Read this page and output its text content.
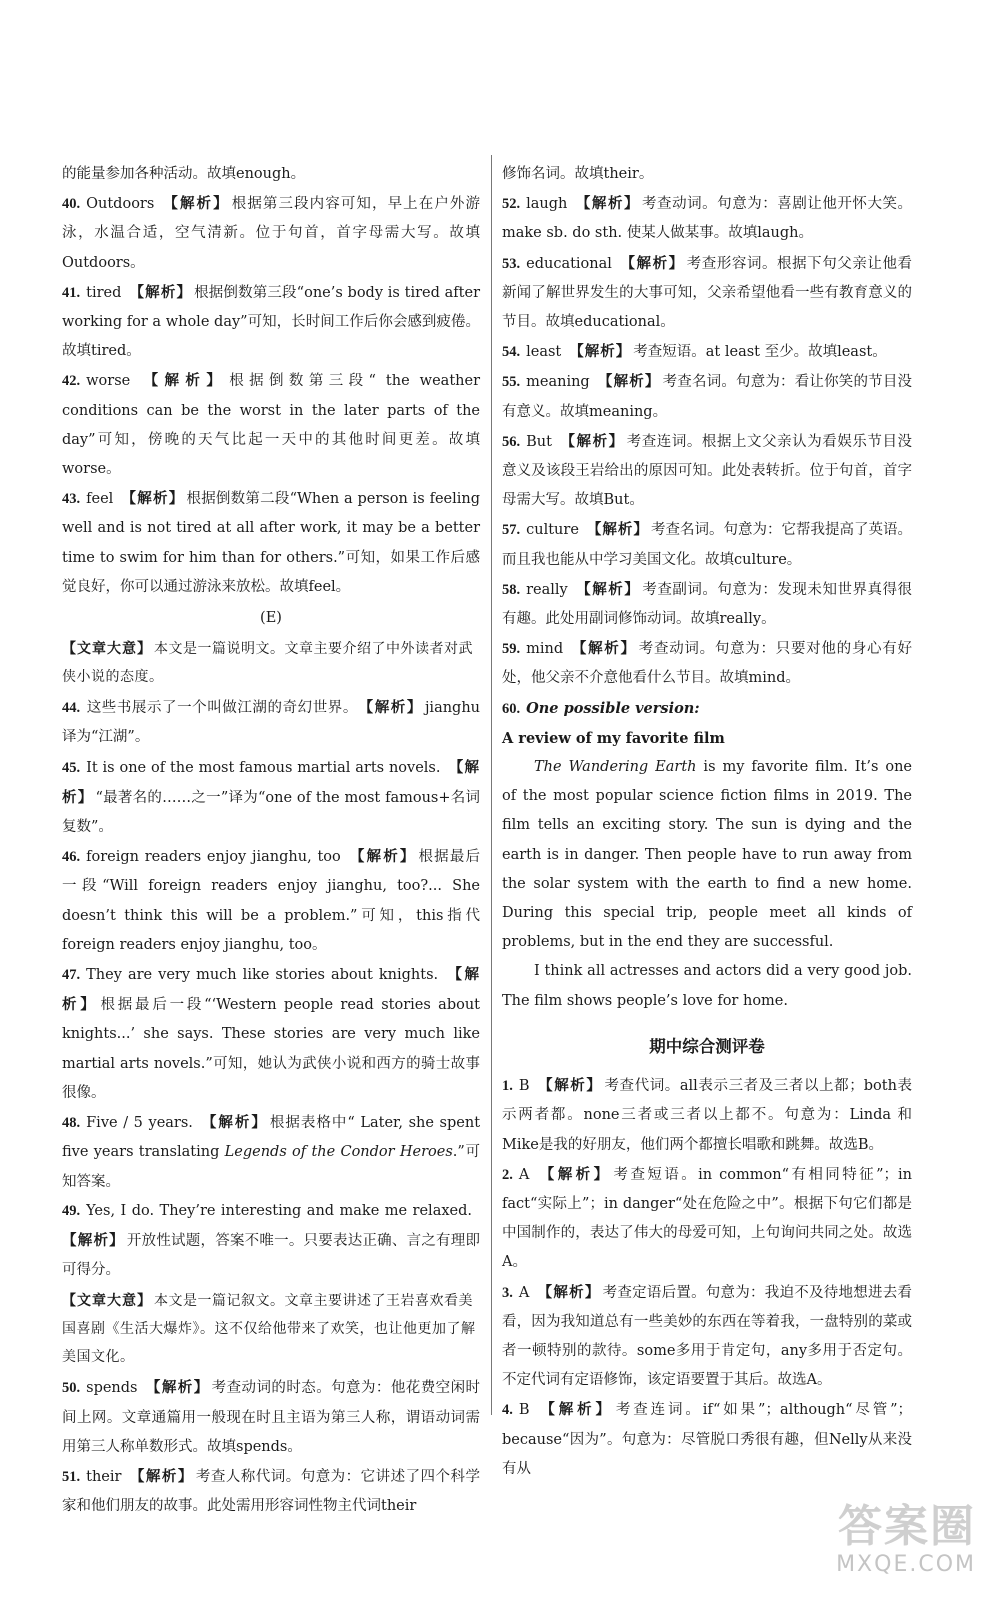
的能量参加各种活动。故填enough。

40. Outdoors 【解析】 根据第三段内容可知，早上在户外游泳，水温合适，空气清新。位于句首，首字母需大写。故填Outdoors。

41. tired 【解析】 根据倒数第三段“one’s body is tired after working for a whole day”可知，长时间工作后你会感到疲倦。故填tired。

42. worse 【解析】 根据倒数第三段“ the weather conditions can be the worst in the later parts of the day”可知，傍晚的天气比起一天中的其他时间更差。故填worse。

43. feel 【解析】 根据倒数第二段“When a person is feeling well and is not tired at all after work, it may be a better time to swim for him than for others.”可知，如果工作后感觉良好，你可以通过游泳来放松。故填feel。

(E)

【文章大意】 本文是一篇说明文。文章主要介绍了中外读者对武侠小说的态度。

44. 这些书展示了一个叫做江湖的奇幻世界。 【解析】 jianghu译为“江湖”。

45. It is one of the most famous martial arts novels. 【解析】 “最著名的……之一”译为“one of the most famous+名词复数”。

46. foreign readers enjoy jianghu, too 【解析】 根据最后一段“Will foreign readers enjoy jianghu, too?... She doesn’t think this will be a problem.”可知，this指代foreign readers enjoy jianghu, too。

47. They are very much like stories about knights. 【解析】 根据最后一段“‘Western people read stories about knights...’ she says. These stories are very much like martial arts novels.”可知，她认为武侠小说和西方的骑士故事很像。

48. Five / 5 years. 【解析】 根据表格中“ Later, she spent five years translating Legends of the Condor Heroes.”可知答案。

49. Yes, I do. They’re interesting and make me relaxed.【解析】 开放性试题，答案不唯一。只要表达正确、言之有理即可得分。

【文章大意】 本文是一篇记叙文。文章主要讲述了王岩喜欢看美国喜剧《生活大爆炸》。这不仅给他带来了欢笑，也让他更加了解美国文化。

50. spends 【解析】 考查动词的时态。句意为：他花费空闲时间上网。文章通篇用一般现在时且主语为第三人称，谓语动词需用第三人称单数形式。故填spends。

51. their 【解析】 考查人称代词。句意为：它讲述了四个科学家和他们朋友的故事。此处需用形容词性物主代词their

修饰名词。故填their。

52. laugh 【解析】 考查动词。句意为：喜剧让他开怀大笑。make sb. do sth. 使某人做某事。故填laugh。

53. educational 【解析】 考查形容词。根据下句父亲让他看新闻了解世界发生的大事可知，父亲希望他看一些有教育意义的节目。故填educational。

54. least 【解析】 考查短语。at least 至少。故填least。

55. meaning 【解析】 考查名词。句意为：看让你笑的节目没有意义。故填meaning。

56. But 【解析】 考查连词。根据上文父亲认为看娱乐节目没意义及该段王岩给出的原因可知。此处表转折。位于句首，首字母需大写。故填But。

57. culture 【解析】 考查名词。句意为：它帮我提高了英语。而且我也能从中学习美国文化。故填culture。

58. really 【解析】 考查副词。句意为：发现未知世界真得很有趣。此处用副词修饰动词。故填really。

59. mind 【解析】 考查动词。句意为：只要对他的身心有好处，他父亲不介意他看什么节目。故填mind。

60. One possible version:

A review of my favorite film

The Wandering Earth is my favorite film. It’s one of the most popular science fiction films in 2019. The film tells an exciting story. The sun is dying and the earth is in danger. Then people have to run away from the solar system with the earth to find a new home. During this special trip, people meet all kinds of problems, but in the end they are successful.

I think all actresses and actors did a very good job. The film shows people’s love for home.

期中综合测评卷

1. B 【解析】 考查代词。all表示三者及三者以上都；both表示两者都。none三者或三者以上都不。句意为：Linda 和 Mike是我的好朋友，他们两个都擅长唱歌和跳舞。故选B。

2. A 【解析】 考查短语。in common“有相同特征”；in fact“实际上”；in danger“处在危险之中”。根据下句它们都是中国制作的，表达了伟大的母爱可知，上句询问共同之处。故选A。

3. A 【解析】 考查定语后置。句意为：我迫不及待地想进去看看，因为我知道总有一些美妙的东西在等着我，一盘特别的菜或者一顿特别的款待。some多用于肯定句，any多用于否定句。不定代词有定语修饰，该定语要置于其后。故选A。

4. B 【解析】 考查连词。if“如果”；although“尽管”；because“因为”。句意为：尽管脱口秀很有趣，但Nelly从来没有从

答案圈
MXQE.COM
